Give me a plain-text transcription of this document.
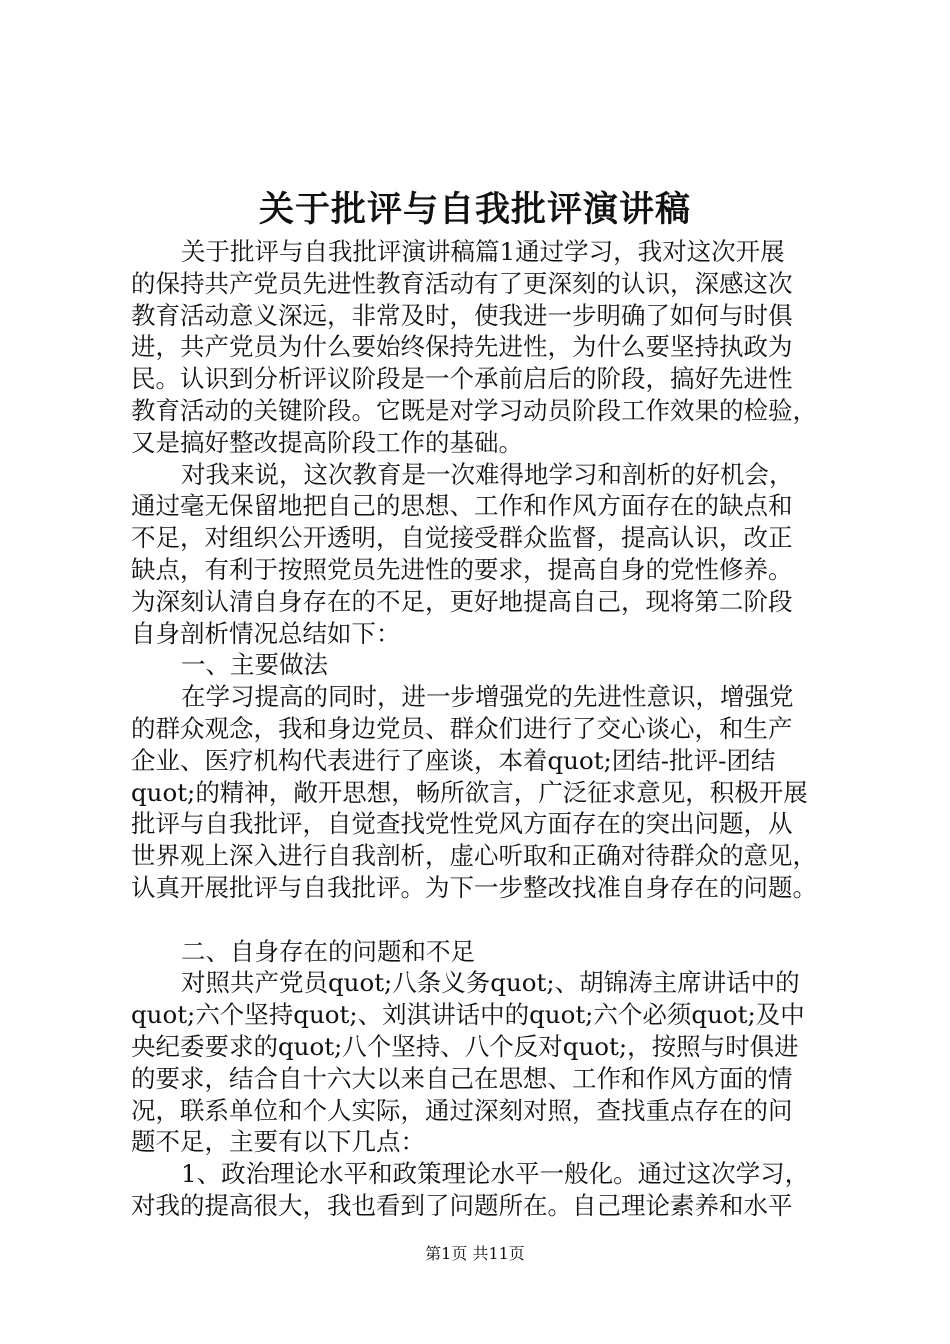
关于批评与自我批评演讲稿
关于批评与自我批评演讲稿篇1通过学习，我对这次开展
的保持共产党员先进性教育活动有了更深刻的认识，深感这次
教育活动意义深远，非常及时，使我进一步明确了如何与时俱
进，共产党员为什么要始终保持先进性，为什么要坚持执政为
民。认识到分析评议阶段是一个承前启后的阶段，搞好先进性
教育活动的关键阶段。它既是对学习动员阶段工作效果的检验，
又是搞好整改提高阶段工作的基础。
对我来说，这次教育是一次难得地学习和剖析的好机会，
通过毫无保留地把自己的思想、工作和作风方面存在的缺点和
不足，对组织公开透明，自觉接受群众监督，提高认识，改正
缺点，有利于按照党员先进性的要求，提高自身的党性修养。
为深刻认清自身存在的不足，更好地提高自己，现将第二阶段
自身剖析情况总结如下：
一、主要做法
在学习提高的同时，进一步增强党的先进性意识，增强党
的群众观念，我和身边党员、群众们进行了交心谈心，和生产
企业、医疗机构代表进行了座谈，本着quot;团结-批评-团结
quot;的精神，敞开思想，畅所欲言，广泛征求意见，积极开展
批评与自我批评，自觉查找党性党风方面存在的突出问题，从
世界观上深入进行自我剖析，虚心听取和正确对待群众的意见，
认真开展批评与自我批评。为下一步整改找准自身存在的问题。
二、自身存在的问题和不足
对照共产党员quot;八条义务quot;、胡锦涛主席讲话中的
quot;六个坚持quot;、刘淇讲话中的quot;六个必须quot;及中
央纪委要求的quot;八个坚持、八个反对quot;，按照与时俱进
的要求，结合自十六大以来自己在思想、工作和作风方面的情
况，联系单位和个人实际，通过深刻对照，查找重点存在的问
题不足，主要有以下几点：
1、政治理论水平和政策理论水平一般化。通过这次学习，
对我的提高很大，我也看到了问题所在。自己理论素养和水平
第1页 共11页
